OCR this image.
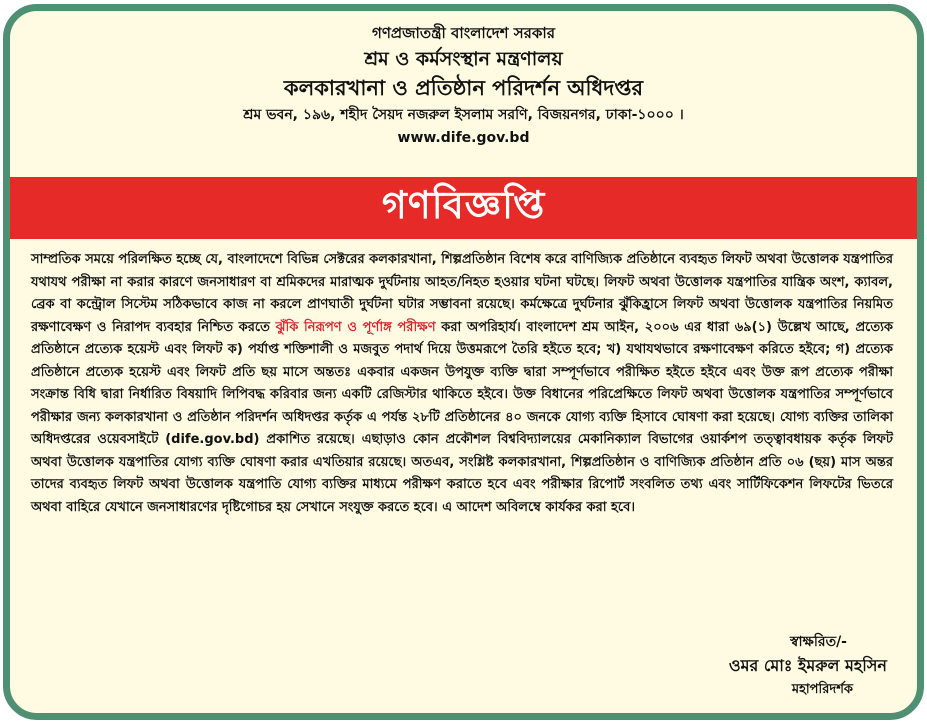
গণপ্রজাতন্ত্রী বাংলাদেশ সরকার
শ্রম ও কর্মসংস্থান মন্ত্রণালয়
কলকারখানা ও প্রতিষ্ঠান পরিদর্শন অধিদপ্তর
শ্রম ভবন, ১৯৬, শহীদ সৈয়দ নজরুল ইসলাম সরণি, বিজয়নগর, ঢাকা-১০০০ ।
www.dife.gov.bd
গণবিজ্ঞপ্তি
সাম্প্রতিক সময়ে পরিলক্ষিত হচ্ছে যে, বাংলাদেশে বিভিন্ন সেক্টরের কলকারখানা, শিল্পপ্রতিষ্ঠান বিশেষ করে বাণিজ্যিক প্রতিষ্ঠানে ব্যবহৃত লিফট অথবা উত্তোলক যন্ত্রপাতির যথাযথ পরীক্ষা না করার কারণে জনসাধারণ বা শ্রমিকদের মারাত্মক দুর্ঘটনায় আহত/নিহত হওয়ার ঘটনা ঘটছে। লিফট অথবা উত্তোলক যন্ত্রপাতির যান্ত্রিক অংশ, ক্যাবল, ব্রেক বা কন্ট্রোল সিস্টেম সঠিকভাবে কাজ না করলে প্রাণঘাতী দুর্ঘটনা ঘটার সম্ভাবনা রয়েছে। কর্মক্ষেত্রে দুর্ঘটনার ঝুঁকিহ্রাসে লিফট অথবা উত্তোলক যন্ত্রপাতির নিয়মিত রক্ষণাবেক্ষণ ও নিরাপদ ব্যবহার নিশ্চিত করতে ঝুঁকি নিরূপণ ও পূর্ণাঙ্গ পরীক্ষণ করা অপরিহার্য। বাংলাদেশ শ্রম আইন, ২০০৬ এর ধারা ৬৯(১) উল্লেখ আছে, প্রত্যেক প্রতিষ্ঠানে প্রত্যেক হয়েস্ট এবং লিফট ক) পর্যাপ্ত শক্তিশালী ও মজবুত পদার্থ দিয়ে উত্তমরূপে তৈরি হইতে হবে; খ) যথাযথভাবে রক্ষণাবেক্ষণ করিতে হইবে; গ) প্রত্যেক প্রতিষ্ঠানে প্রত্যেক হয়েস্ট এবং লিফট প্রতি ছয় মাসে অন্ততঃ একবার একজন উপযুক্ত ব্যক্তি দ্বারা সম্পূর্ণভাবে পরীক্ষিত হইতে হইবে এবং উক্ত রূপ প্রত্যেক পরীক্ষা সংক্রান্ত বিধি দ্বারা নির্ধারিত বিষয়াদি লিপিবদ্ধ করিবার জন্য একটি রেজিস্টার থাকিতে হইবে। উক্ত বিধানের পরিপ্রেক্ষিতে লিফট অথবা উত্তোলক যন্ত্রপাতির সম্পূর্ণভাবে পরীক্ষার জন্য কলকারখানা ও প্রতিষ্ঠান পরিদর্শন অধিদপ্তর কর্তৃক এ পর্যন্ত ২৮টি প্রতিষ্ঠানের ৪০ জনকে যোগ্য ব্যক্তি হিসাবে ঘোষণা করা হয়েছে। যোগ্য ব্যক্তির তালিকা অধিদপ্তরের ওয়েবসাইটে (dife.gov.bd) প্রকাশিত রয়েছে। এছাড়াও কোন প্রকৌশল বিশ্ববিদ্যালয়ের মেকানিক্যাল বিভাগের ওয়ার্কশপ তত্ত্বাবধায়ক কর্তৃক লিফট অথবা উত্তোলক যন্ত্রপাতির যোগ্য ব্যক্তি ঘোষণা করার এখতিয়ার রয়েছে। অতএব, সংশ্লিষ্ট কলকারখানা, শিল্পপ্রতিষ্ঠান ও বাণিজ্যিক প্রতিষ্ঠান প্রতি ০৬ (ছয়) মাস অন্তর তাদের ব্যবহৃত লিফট অথবা উত্তোলক যন্ত্রপাতি যোগ্য ব্যক্তির মাধ্যমে পরীক্ষণ করাতে হবে এবং পরীক্ষার রিপোর্ট সংবলিত তথ্য এবং সার্টিফিকেশন লিফটের ভিতরে অথবা বাহিরে যেখানে জনসাধারণের দৃষ্টিগোচর হয় সেখানে সংযুক্ত করতে হবে। এ আদেশ অবিলম্বে কার্যকর করা হবে।
স্বাক্ষরিত/-
ওমর মোঃ ইমরুল মহসিন
মহাপরিদর্শক
